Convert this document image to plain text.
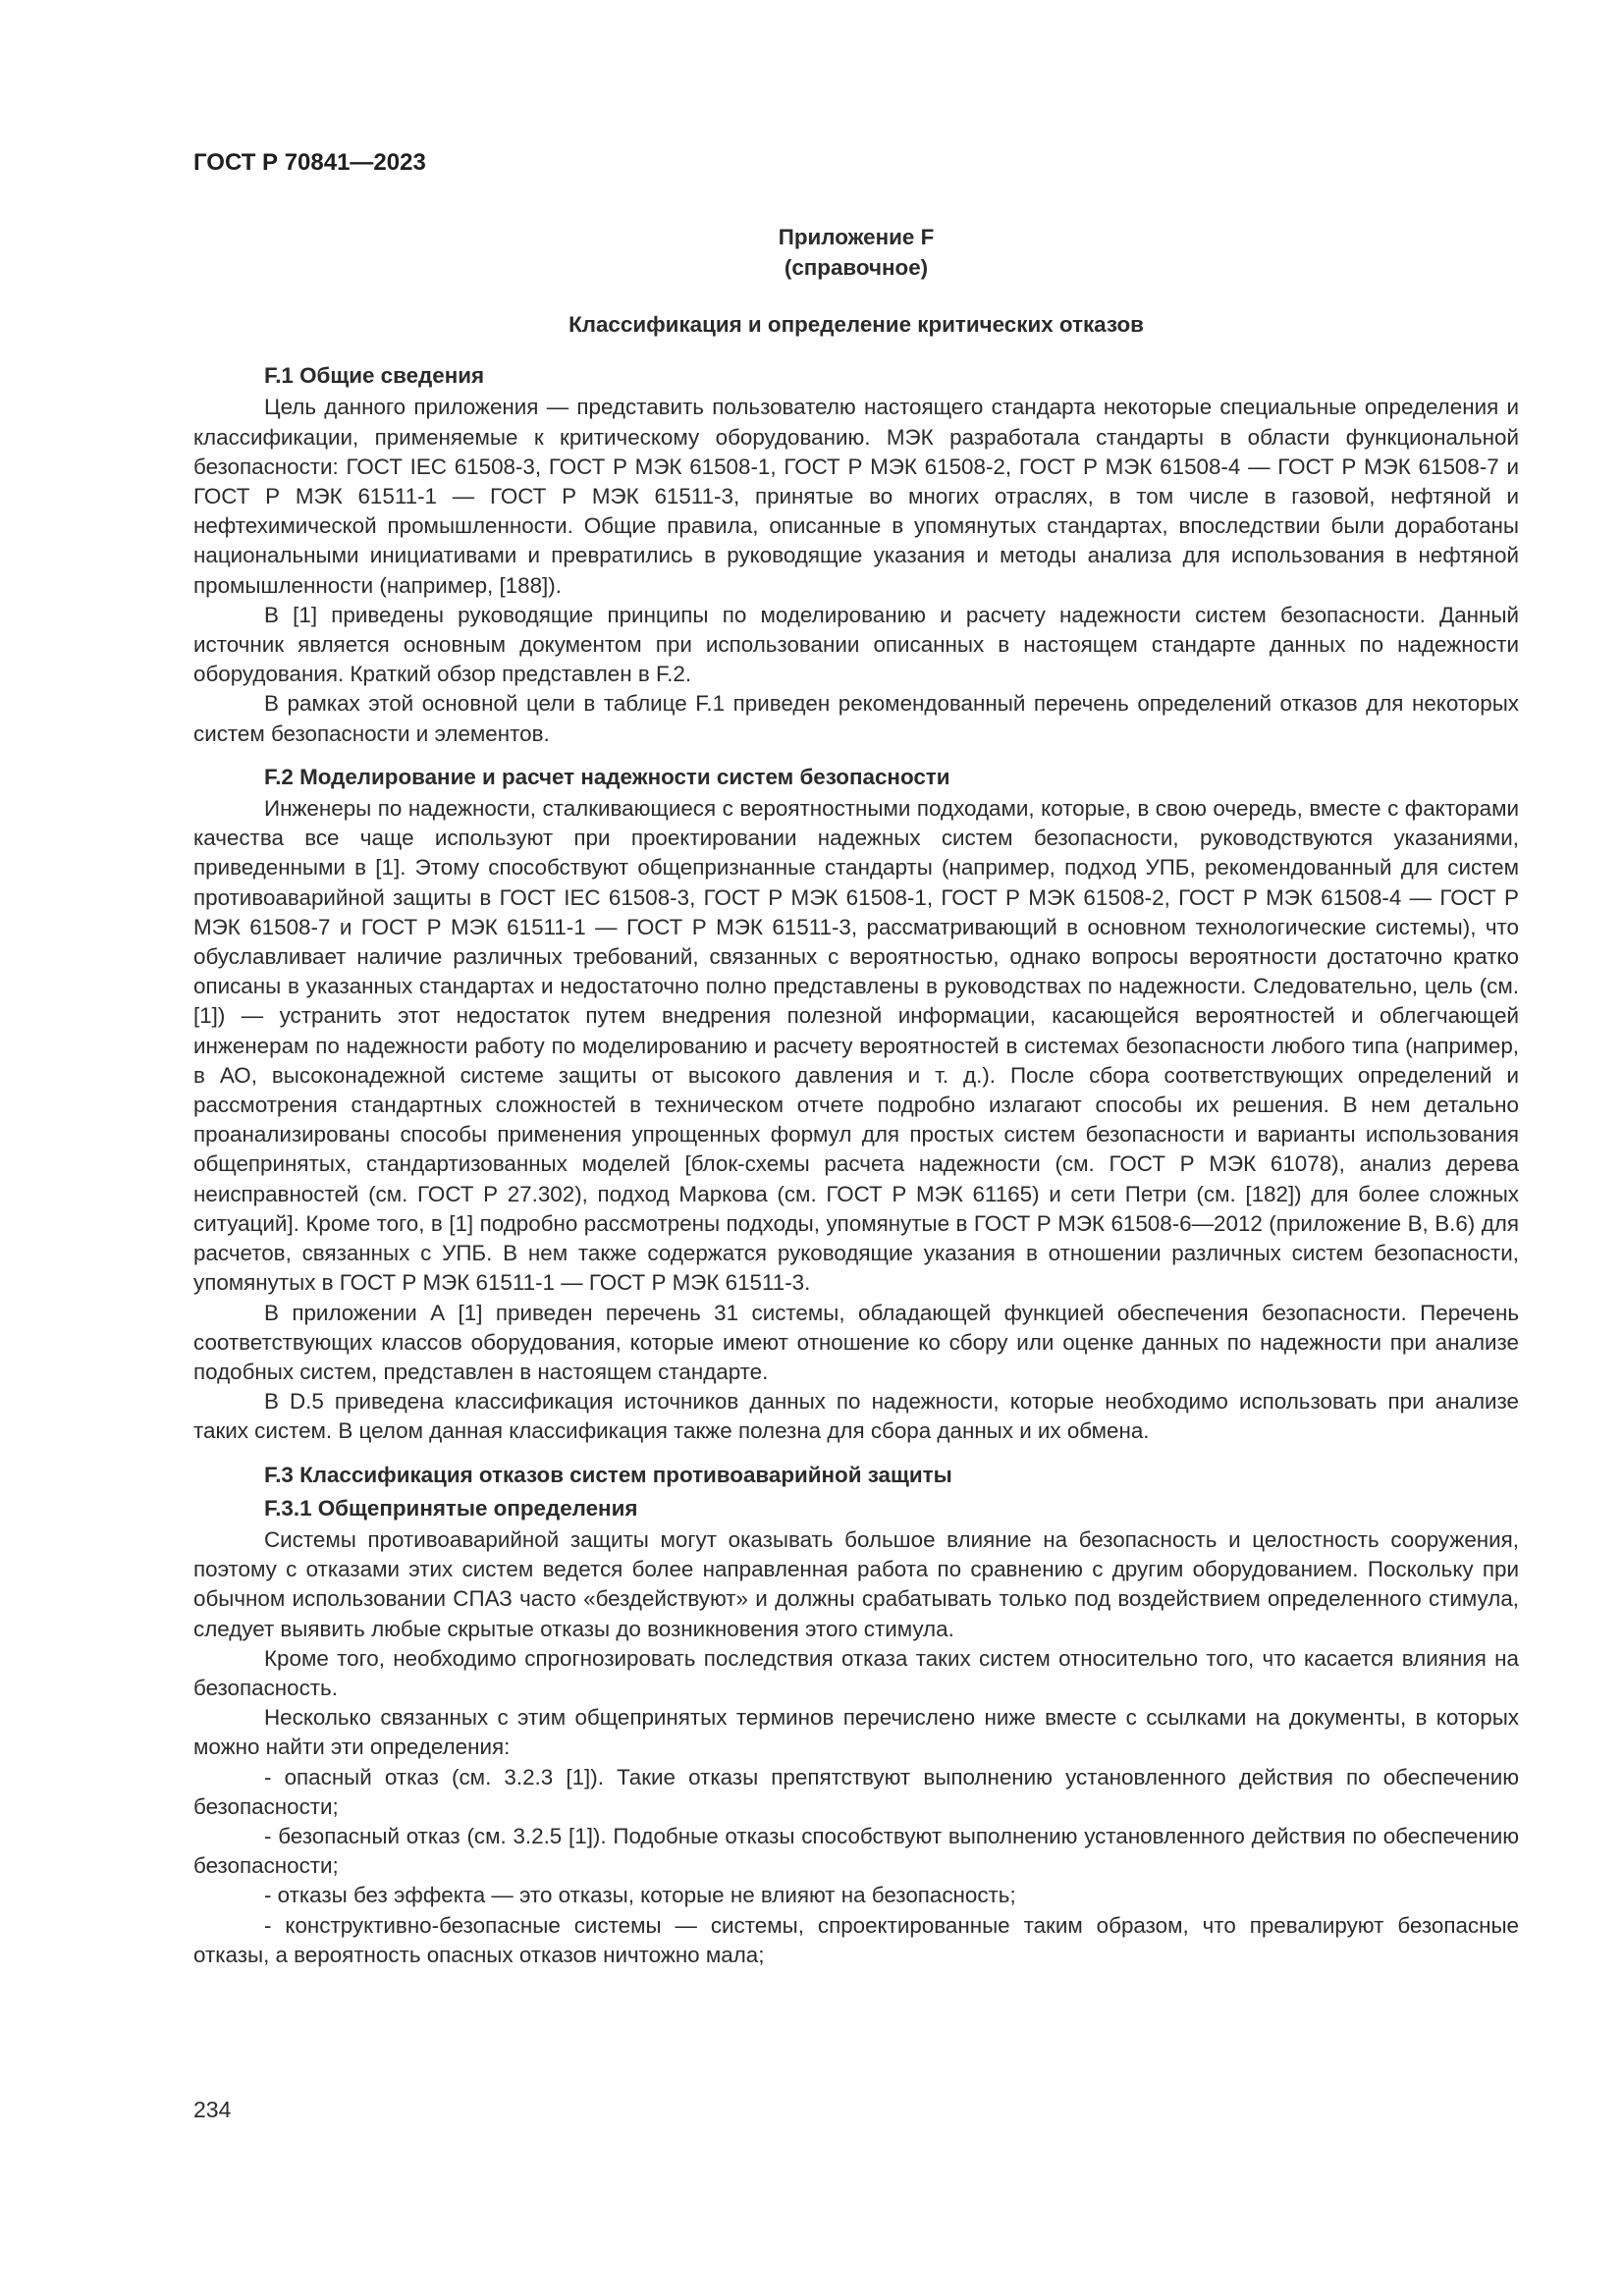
ГОСТ Р 70841—2023
Приложение F
(справочное)
Классификация и определение критических отказов
F.1 Общие сведения

Цель данного приложения — представить пользователю настоящего стандарта некоторые специальные определения и классификации, применяемые к критическому оборудованию. МЭК разработала стандарты в области функциональной безопасности: ГОСТ IEC 61508-3, ГОСТ Р МЭК 61508-1, ГОСТ Р МЭК 61508-2, ГОСТ Р МЭК 61508-4 — ГОСТ Р МЭК 61508-7 и ГОСТ Р МЭК 61511-1 — ГОСТ Р МЭК 61511-3, принятые во многих отраслях, в том числе в газовой, нефтяной и нефтехимической промышленности. Общие правила, описанные в упомянутых стандартах, впоследствии были доработаны национальными инициативами и превратились в руководящие указания и методы анализа для использования в нефтяной промышленности (например, [188]).

В [1] приведены руководящие принципы по моделированию и расчету надежности систем безопасности. Данный источник является основным документом при использовании описанных в настоящем стандарте данных по надежности оборудования. Краткий обзор представлен в F.2.

В рамках этой основной цели в таблице F.1 приведен рекомендованный перечень определений отказов для некоторых систем безопасности и элементов.

F.2 Моделирование и расчет надежности систем безопасности

Инженеры по надежности, сталкивающиеся с вероятностными подходами, которые, в свою очередь, вместе с факторами качества все чаще используют при проектировании надежных систем безопасности, руководствуются указаниями, приведенными в [1]. Этому способствуют общепризнанные стандарты (например, подход УПБ, рекомендованный для систем противоаварийной защиты в ГОСТ IEC 61508-3, ГОСТ Р МЭК 61508-1, ГОСТ Р МЭК 61508-2, ГОСТ Р МЭК 61508-4 — ГОСТ Р МЭК 61508-7 и ГОСТ Р МЭК 61511-1 — ГОСТ Р МЭК 61511-3, рассматривающий в основном технологические системы), что обуславливает наличие различных требований, связанных с вероятностью, однако вопросы вероятности достаточно кратко описаны в указанных стандартах и недостаточно полно представлены в руководствах по надежности. Следовательно, цель (см. [1]) — устранить этот недостаток путем внедрения полезной информации, касающейся вероятностей и облегчающей инженерам по надежности работу по моделированию и расчету вероятностей в системах безопасности любого типа (например, в АО, высоконадежной системе защиты от высокого давления и т. д.). После сбора соответствующих определений и рассмотрения стандартных сложностей в техническом отчете подробно излагают способы их решения. В нем детально проанализированы способы применения упрощенных формул для простых систем безопасности и варианты использования общепринятых, стандартизованных моделей [блок-схемы расчета надежности (см. ГОСТ Р МЭК 61078), анализ дерева неисправностей (см. ГОСТ Р 27.302), подход Маркова (см. ГОСТ Р МЭК 61165) и сети Петри (см. [182]) для более сложных ситуаций]. Кроме того, в [1] подробно рассмотрены подходы, упомянутые в ГОСТ Р МЭК 61508-6—2012 (приложение B, B.6) для расчетов, связанных с УПБ. В нем также содержатся руководящие указания в отношении различных систем безопасности, упомянутых в ГОСТ Р МЭК 61511-1 — ГОСТ Р МЭК 61511-3.

В приложении А [1] приведен перечень 31 системы, обладающей функцией обеспечения безопасности. Перечень соответствующих классов оборудования, которые имеют отношение ко сбору или оценке данных по надежности при анализе подобных систем, представлен в настоящем стандарте.

В D.5 приведена классификация источников данных по надежности, которые необходимо использовать при анализе таких систем. В целом данная классификация также полезна для сбора данных и их обмена.

F.3 Классификация отказов систем противоаварийной защиты
F.3.1 Общепринятые определения

Системы противоаварийной защиты могут оказывать большое влияние на безопасность и целостность сооружения, поэтому с отказами этих систем ведется более направленная работа по сравнению с другим оборудованием. Поскольку при обычном использовании СПАЗ часто «бездействуют» и должны срабатывать только под воздействием определенного стимула, следует выявить любые скрытые отказы до возникновения этого стимула.

Кроме того, необходимо спрогнозировать последствия отказа таких систем относительно того, что касается влияния на безопасность.

Несколько связанных с этим общепринятых терминов перечислено ниже вместе с ссылками на документы, в которых можно найти эти определения:

- опасный отказ (см. 3.2.3 [1]). Такие отказы препятствуют выполнению установленного действия по обеспечению безопасности;

- безопасный отказ (см. 3.2.5 [1]). Подобные отказы способствуют выполнению установленного действия по обеспечению безопасности;

- отказы без эффекта — это отказы, которые не влияют на безопасность;

- конструктивно-безопасные системы — системы, спроектированные таким образом, что превалируют безопасные отказы, а вероятность опасных отказов ничтожно мала;

234
